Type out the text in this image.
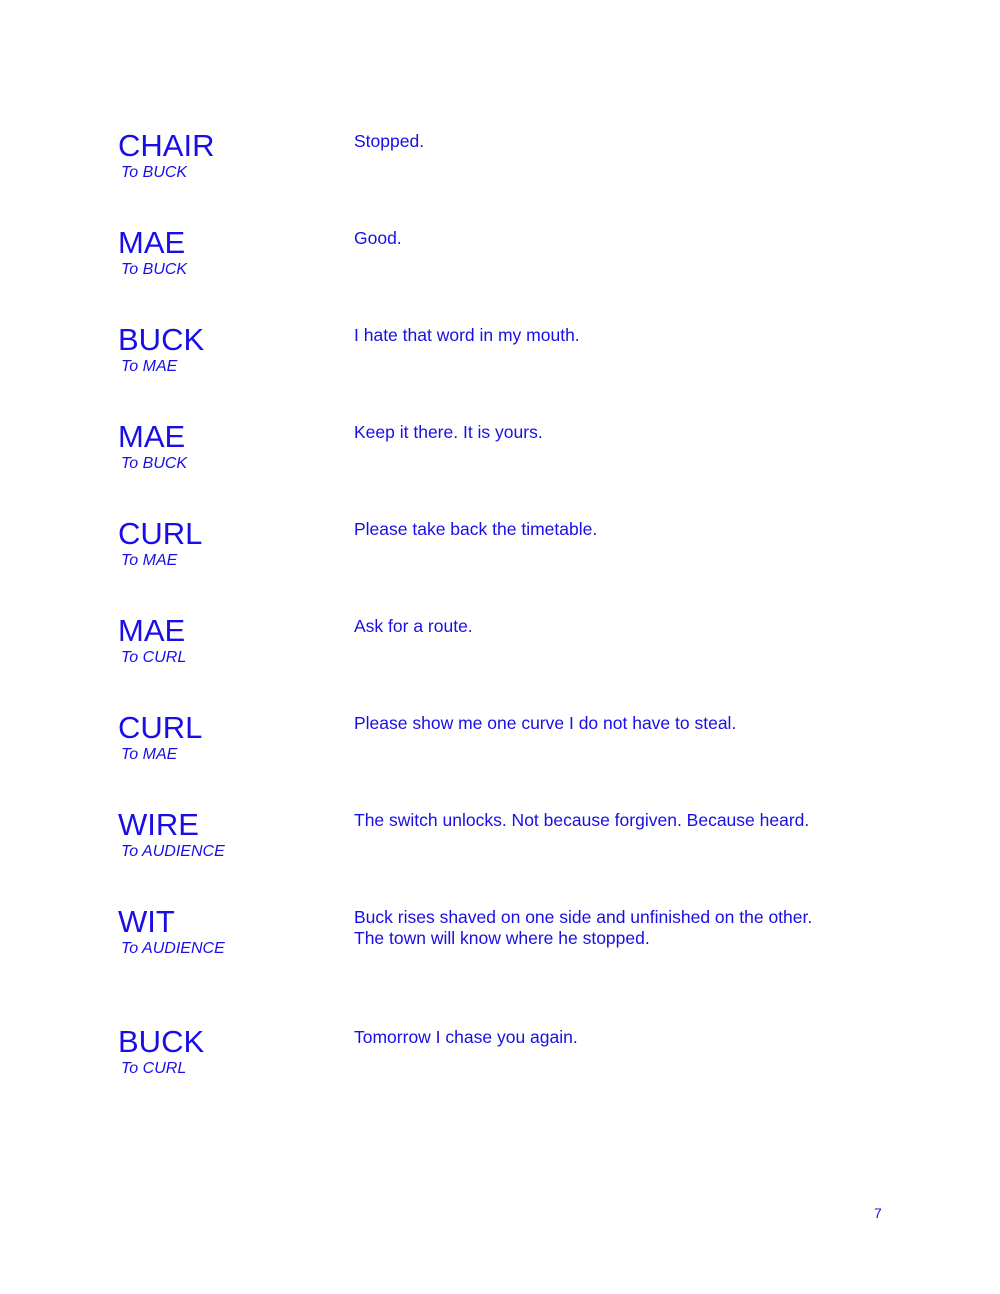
CHAIR
To BUCK
Stopped.
MAE
To BUCK
Good.
BUCK
To MAE
I hate that word in my mouth.
MAE
To BUCK
Keep it there. It is yours.
CURL
To MAE
Please take back the timetable.
MAE
To CURL
Ask for a route.
CURL
To MAE
Please show me one curve I do not have to steal.
WIRE
To AUDIENCE
The switch unlocks. Not because forgiven. Because heard.
WIT
To AUDIENCE
Buck rises shaved on one side and unfinished on the other.
The town will know where he stopped.
BUCK
To CURL
Tomorrow I chase you again.
7
